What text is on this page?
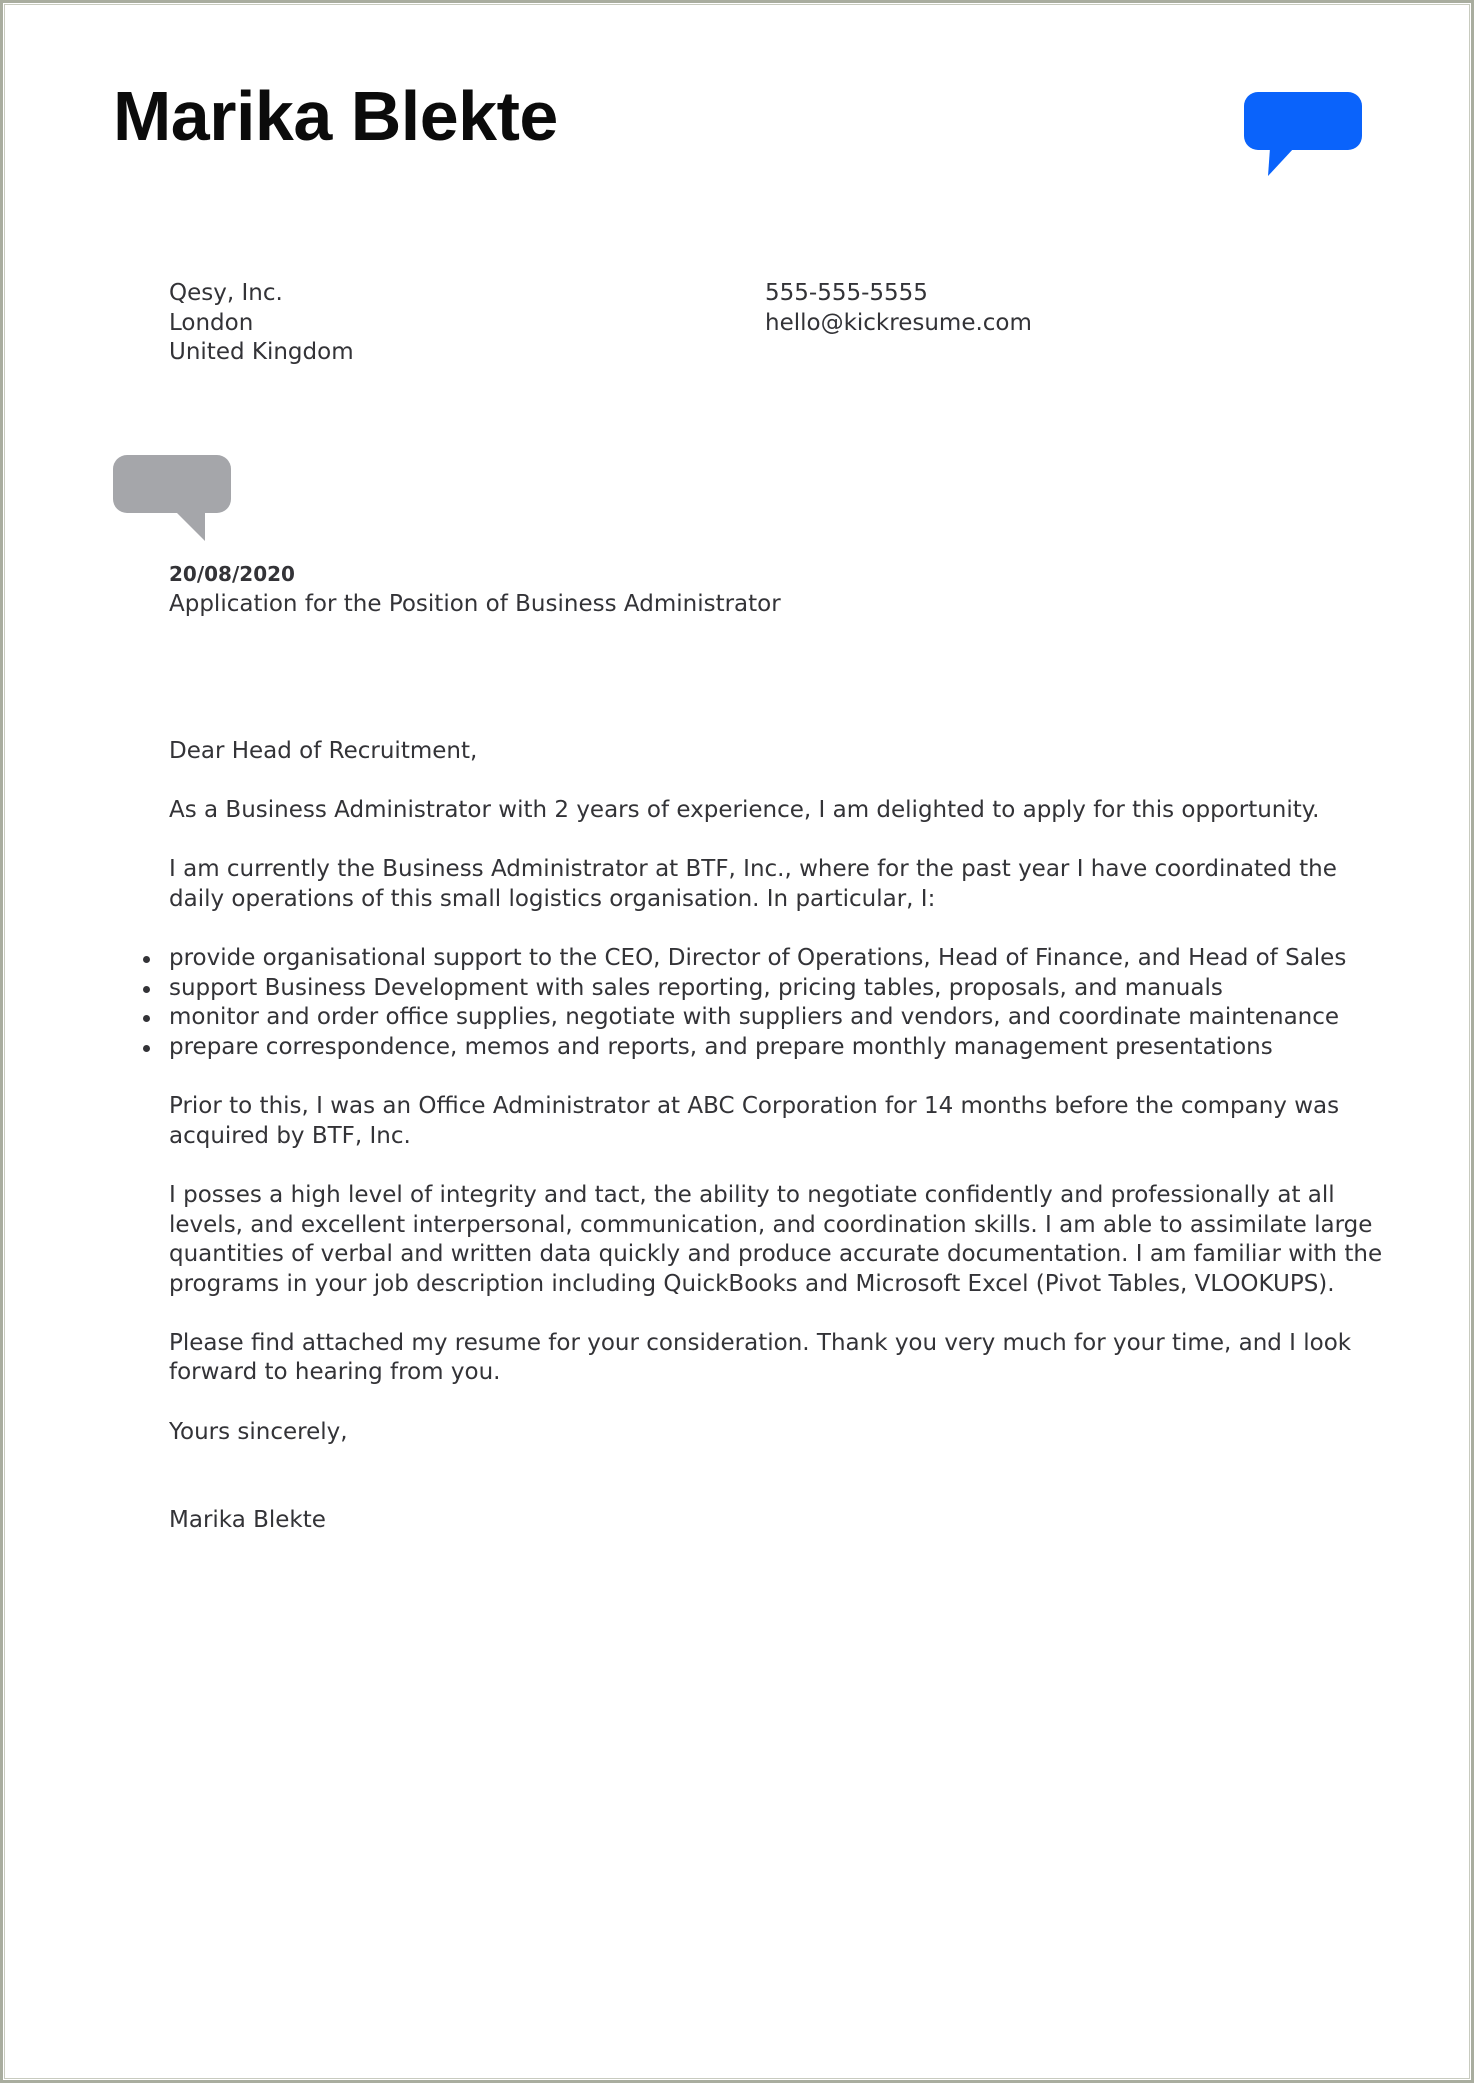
Marika Blekte
Qesy, Inc.
London
United Kingdom
555-555-5555
hello@kickresume.com
20/08/2020
Application for the Position of Business Administrator

Dear Head of Recruitment,

As a Business Administrator with 2 years of experience, I am delighted to apply for this opportunity.

I am currently the Business Administrator at BTF, Inc., where for the past year I have coordinated the
daily operations of this small logistics organisation. In particular, I:

provide organisational support to the CEO, Director of Operations, Head of Finance, and Head of Sales
support Business Development with sales reporting, pricing tables, proposals, and manuals
monitor and order office supplies, negotiate with suppliers and vendors, and coordinate maintenance
prepare correspondence, memos and reports, and prepare monthly management presentations

Prior to this, I was an Office Administrator at ABC Corporation for 14 months before the company was
acquired by BTF, Inc.

I posses a high level of integrity and tact, the ability to negotiate confidently and professionally at all
levels, and excellent interpersonal, communication, and coordination skills. I am able to assimilate large
quantities of verbal and written data quickly and produce accurate documentation. I am familiar with the
programs in your job description including QuickBooks and Microsoft Excel (Pivot Tables, VLOOKUPS).

Please find attached my resume for your consideration. Thank you very much for your time, and I look
forward to hearing from you.

Yours sincerely,

Marika Blekte
